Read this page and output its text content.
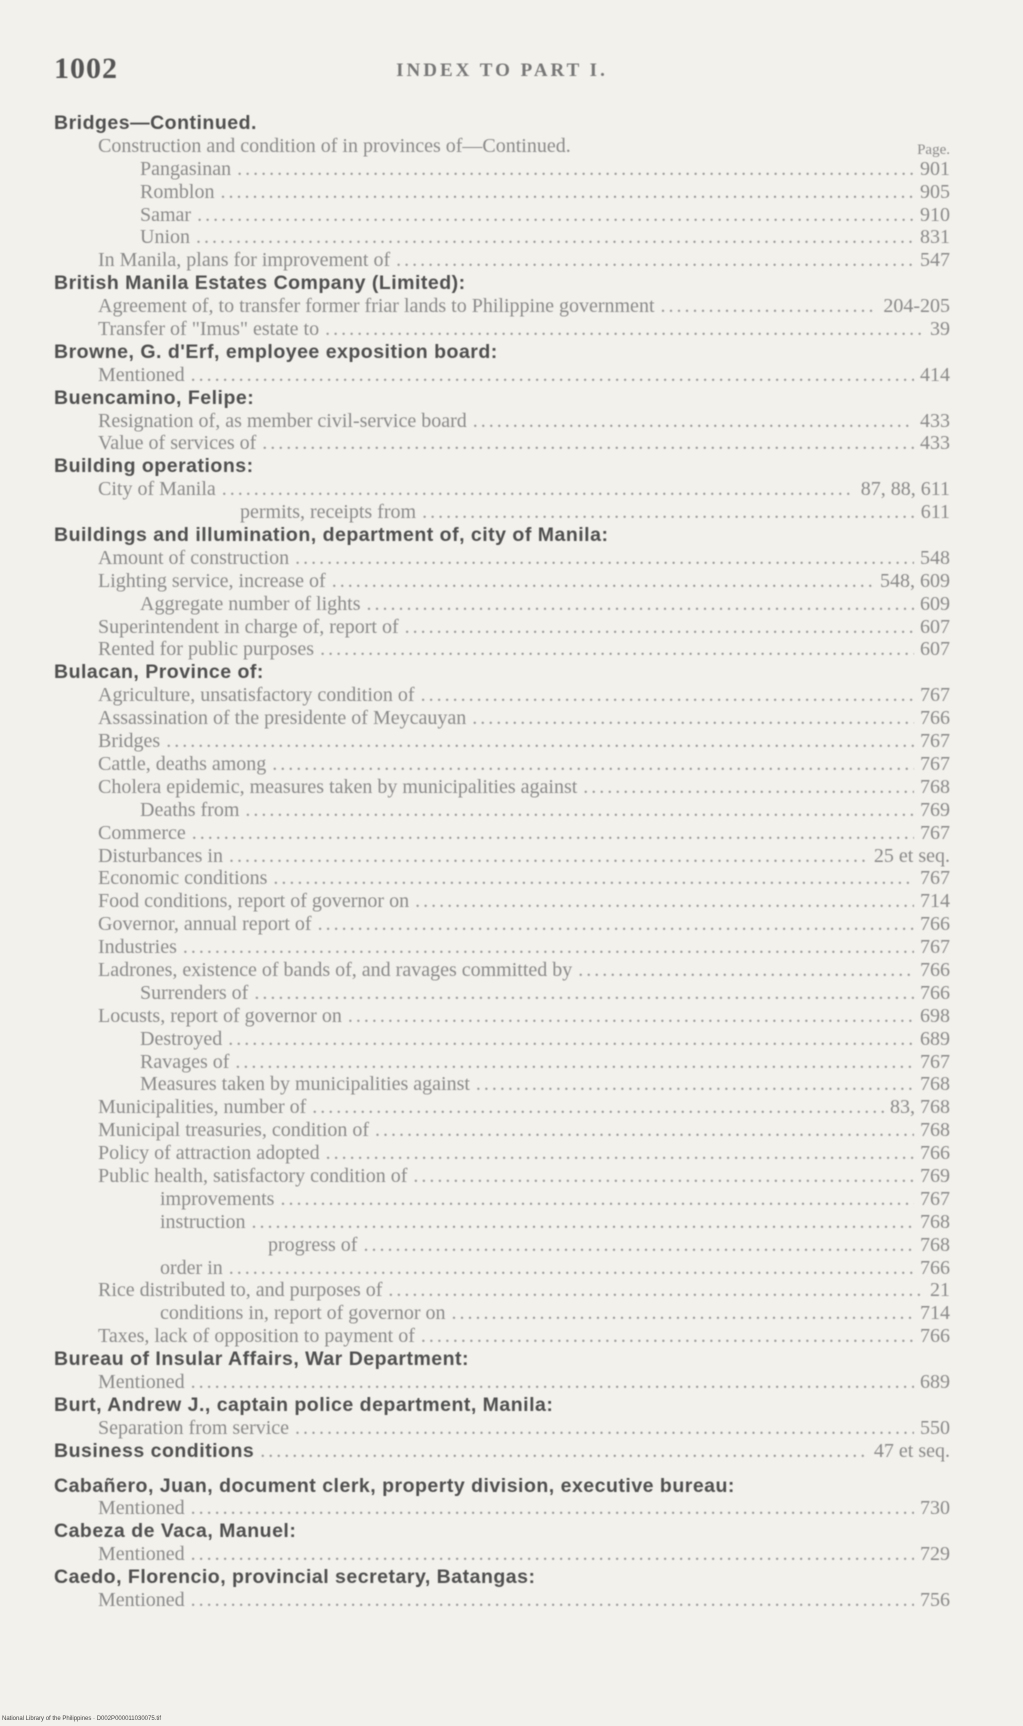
1002	INDEX TO PART I.
Bridges—Continued.
Page.
Construction and condition of in provinces of—Continued.
Pangasinan .....	901
Romblon .....	905
Samar .....	910
Union .....	831
In Manila, plans for improvement of .....	547
British Manila Estates Company (Limited):
Agreement of, to transfer former friar lands to Philippine government .....	204-205
Transfer of "Imus" estate to .....	39
Browne, G. d'Erf, employee exposition board:
Mentioned .....	414
Buencamino, Felipe:
Resignation of, as member civil-service board .....	433
Value of services of .....	433
Building operations:
City of Manila .....	87, 88, 611
permits, receipts from .....	611
Buildings and illumination, department of, city of Manila:
Amount of construction .....	548
Lighting service, increase of .....	548, 609
Aggregate number of lights .....	609
Superintendent in charge of, report of .....	607
Rented for public purposes .....	607
Bulacan, Province of:
Agriculture, unsatisfactory condition of .....	767
Assassination of the presidente of Meycauyan .....	766
Bridges .....	767
Cattle, deaths among .....	767
Cholera epidemic, measures taken by municipalities against .....	768
Deaths from .....	769
Commerce .....	767
Disturbances in .....	25 et seq.
Economic conditions .....	767
Food conditions, report of governor on .....	714
Governor, annual report of .....	766
Industries .....	767
Ladrones, existence of bands of, and ravages committed by .....	766
Surrenders of .....	766
Locusts, report of governor on .....	698
Destroyed .....	689
Ravages of .....	767
Measures taken by municipalities against .....	768
Municipalities, number of .....	83, 768
Municipal treasuries, condition of .....	768
Policy of attraction adopted .....	766
Public health, satisfactory condition of .....	769
improvements .....	767
instruction .....	768
progress of .....	768
order in .....	766
Rice distributed to, and purposes of .....	21
conditions in, report of governor on .....	714
Taxes, lack of opposition to payment of .....	766
Bureau of Insular Affairs, War Department:
Mentioned .....	689
Burt, Andrew J., captain police department, Manila:
Separation from service .....	550
Business conditions .....	47 et seq.
Cabañero, Juan, document clerk, property division, executive bureau:
Mentioned .....	730
Cabeza de Vaca, Manuel:
Mentioned .....	729
Caedo, Florencio, provincial secretary, Batangas:
Mentioned .....	756
National Library of the Philippines · D002P000011030075.tif
